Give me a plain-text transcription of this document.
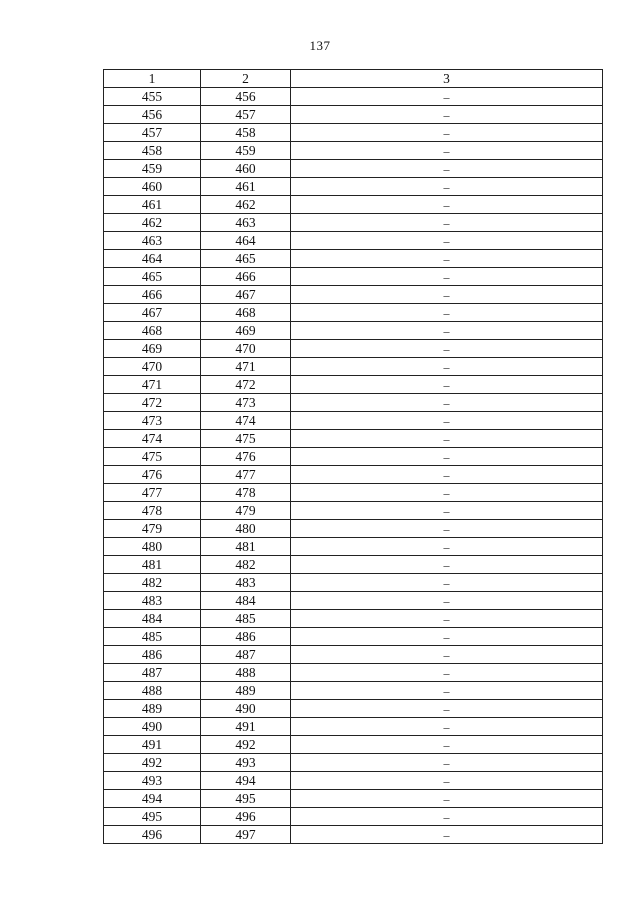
137
1	2	3
455	456	–
456	457	–
457	458	–
458	459	–
459	460	–
460	461	–
461	462	–
462	463	–
463	464	–
464	465	–
465	466	–
466	467	–
467	468	–
468	469	–
469	470	–
470	471	–
471	472	–
472	473	–
473	474	–
474	475	–
475	476	–
476	477	–
477	478	–
478	479	–
479	480	–
480	481	–
481	482	–
482	483	–
483	484	–
484	485	–
485	486	–
486	487	–
487	488	–
488	489	–
489	490	–
490	491	–
491	492	–
492	493	–
493	494	–
494	495	–
495	496	–
496	497	–
